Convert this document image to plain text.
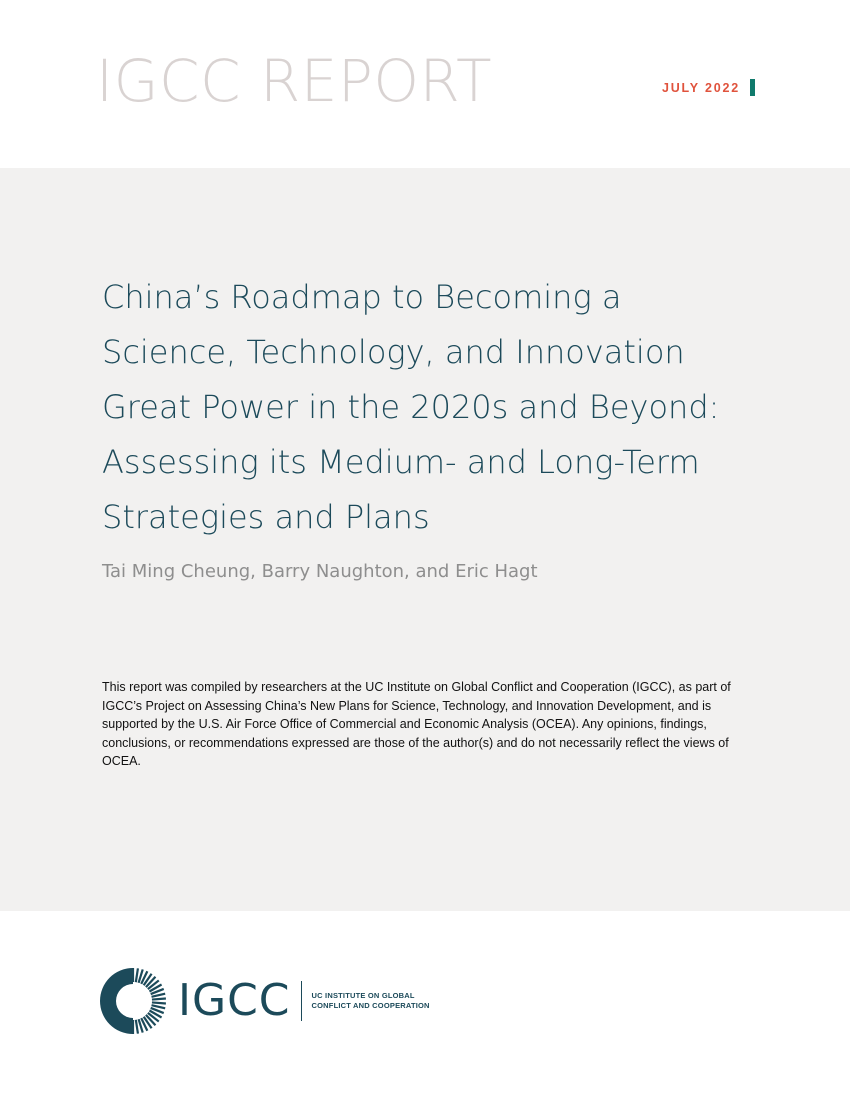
IGCC REPORT	JULY 2022
China’s Roadmap to Becoming a Science, Technology, and Innovation Great Power in the 2020s and Beyond: Assessing its Medium- and Long-Term Strategies and Plans
Tai Ming Cheung, Barry Naughton, and Eric Hagt

This report was compiled by researchers at the UC Institute on Global Conflict and Cooperation (IGCC), as part of IGCC’s Project on Assessing China’s New Plans for Science, Technology, and Innovation Development, and is supported by the U.S. Air Force Office of Commercial and Economic Analysis (OCEA). Any opinions, findings, conclusions, or recommendations expressed are those of the author(s) and do not necessarily reflect the views of OCEA.

IGCC	UC INSTITUTE ON GLOBAL
CONFLICT AND COOPERATION
